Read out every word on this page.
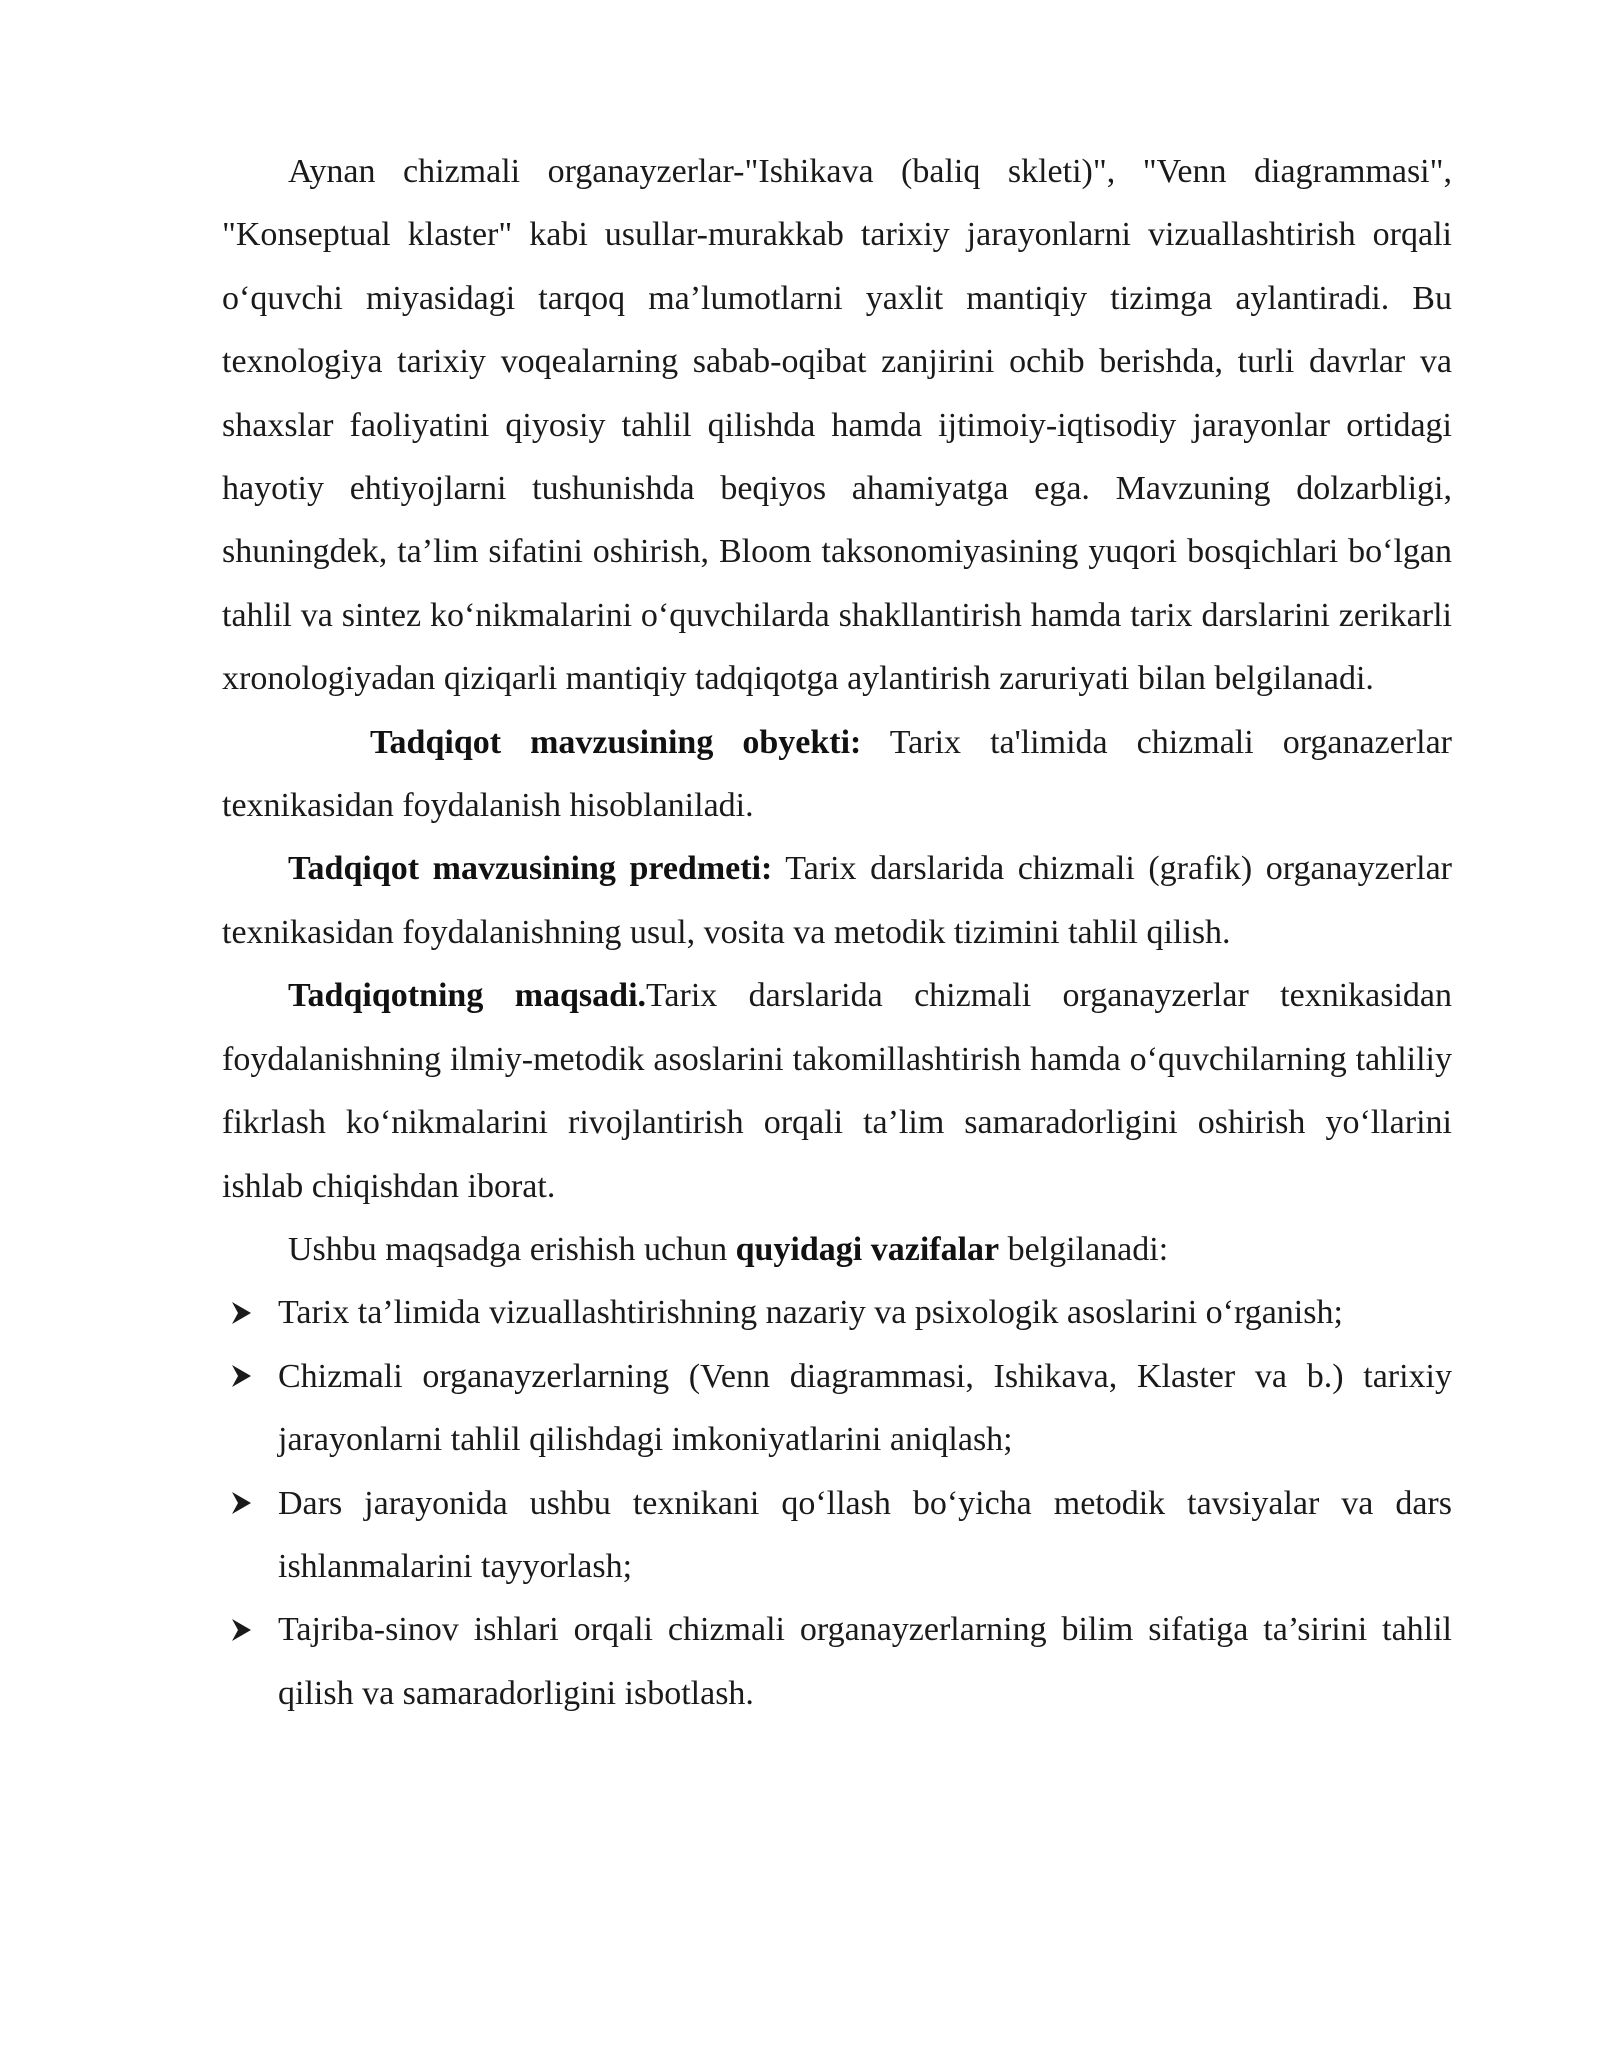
Aynan chizmali organayzerlar-"Ishikava (baliq skleti)", "Venn diagrammasi", "Konseptual klaster" kabi usullar-murakkab tarixiy jarayonlarni vizuallashtirish orqali o‘quvchi miyasidagi tarqoq ma’lumotlarni yaxlit mantiqiy tizimga aylantiradi. Bu texnologiya tarixiy voqealarning sabab-oqibat zanjirini ochib berishda, turli davrlar va shaxslar faoliyatini qiyosiy tahlil qilishda hamda ijtimoiy-iqtisodiy jarayonlar ortidagi hayotiy ehtiyojlarni tushunishda beqiyos ahamiyatga ega. Mavzuning dolzarbligi, shuningdek, ta’lim sifatini oshirish, Bloom taksonomiyasining yuqori bosqichlari bo‘lgan tahlil va sintez ko‘nikmalarini o‘quvchilarda shakllantirish hamda tarix darslarini zerikarli xronologiyadan qiziqarli mantiqiy tadqiqotga aylantirish zaruriyati bilan belgilanadi.

Tadqiqot mavzusining obyekti: Tarix ta'limida chizmali organazerlar texnikasidan foydalanish hisoblaniladi.

Tadqiqot mavzusining predmeti: Tarix darslarida chizmali (grafik) organayzerlar texnikasidan foydalanishning usul, vosita va metodik tizimini tahlil qilish.

Tadqiqotning maqsadi.Tarix darslarida chizmali organayzerlar texnikasidan foydalanishning ilmiy-metodik asoslarini takomillashtirish hamda o‘quvchilarning tahliliy fikrlash ko‘nikmalarini rivojlantirish orqali ta’lim samaradorligini oshirish yo‘llarini ishlab chiqishdan iborat.

Ushbu maqsadga erishish uchun quyidagi vazifalar belgilanadi:

Tarix ta’limida vizuallashtirishning nazariy va psixologik asoslarini o‘rganish;
Chizmali organayzerlarning (Venn diagrammasi, Ishikava, Klaster va b.) tarixiy jarayonlarni tahlil qilishdagi imkoniyatlarini aniqlash;
Dars jarayonida ushbu texnikani qo‘llash bo‘yicha metodik tavsiyalar va dars ishlanmalarini tayyorlash;
Tajriba-sinov ishlari orqali chizmali organayzerlarning bilim sifatiga ta’sirini tahlil qilish va samaradorligini isbotlash.
